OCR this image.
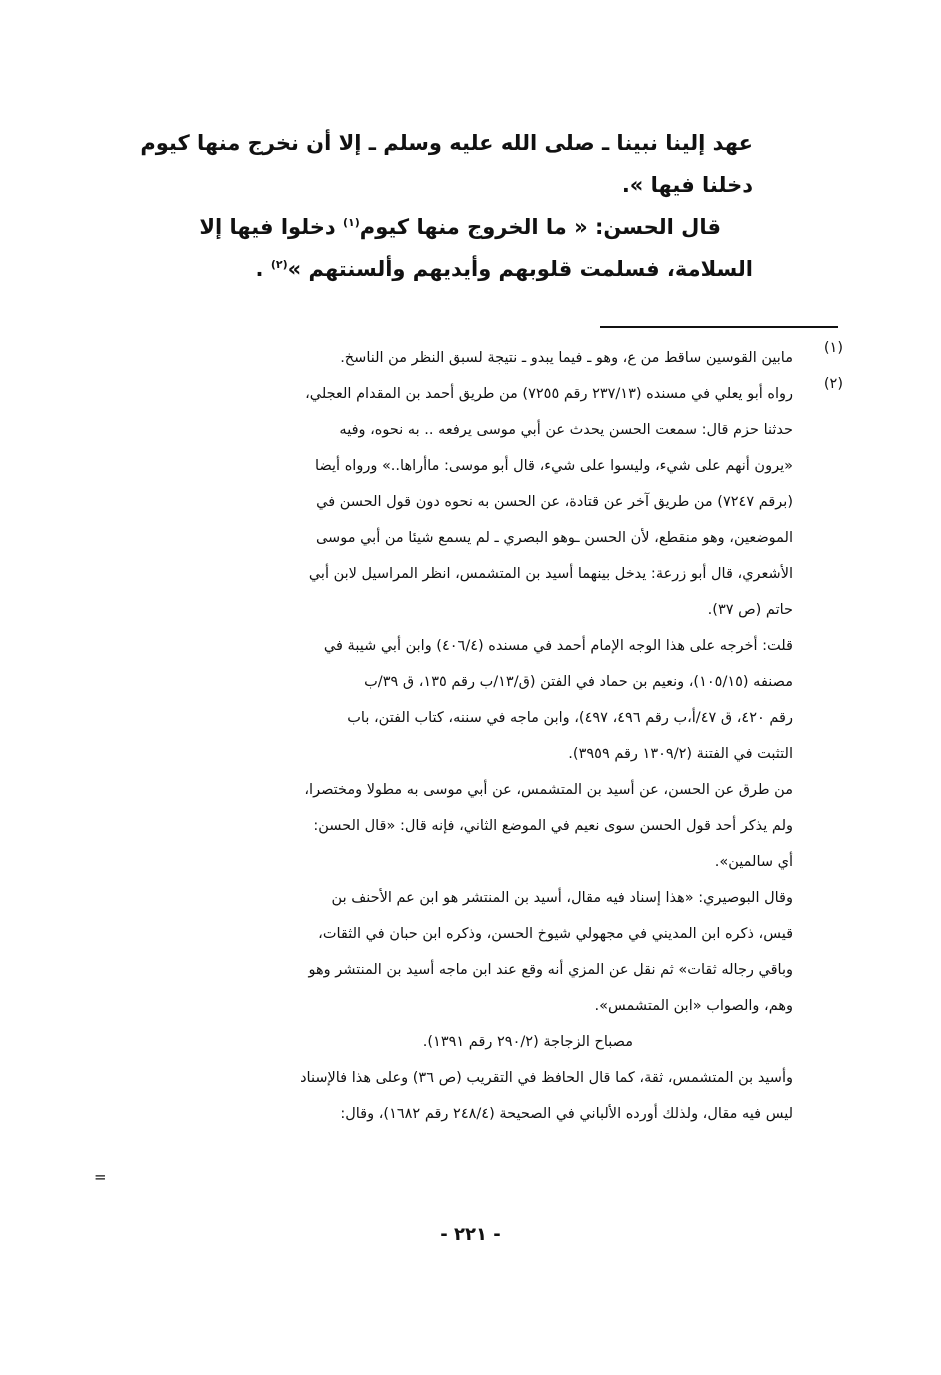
عهد إلينا نبينا ـ صلى الله عليه وسلم ـ إلا أن نخرج منها كيوم
دخلنا فيها ».
قال الحسن: « ما الخروج منها كيوم$^{(١)}$ دخلوا فيها إلا
السلامة، فسلمت قلوبهم وأيديهم وألسنتهم »$^{(٢)}$ .
(١)
مابين القوسين ساقط من ع، وهو ـ فيما يبدو ـ نتيجة لسبق النظر من الناسخ.
(٢)
رواه أبو يعلي في مسنده (٢٣٧/١٣ رقم ٧٢٥٥) من طريق أحمد بن المقدام العجلي،
حدثنا حزم قال: سمعت الحسن يحدث عن أبي موسى يرفعه .. به نحوه، وفيه
«يرون أنهم على شيء، وليسوا على شيء، قال أبو موسى: ماأراها..» ورواه أيضا
(برقم ٧٢٤٧) من طريق آخر عن قتادة، عن الحسن به نحوه دون قول الحسن في
الموضعين، وهو منقطع، لأن الحسن ـوهو البصري ـ لم يسمع شيئا من أبي موسى
الأشعري، قال أبو زرعة: يدخل بينهما أسيد بن المتشمس، انظر المراسيل لابن أبي
حاتم (ص ٣٧).
قلت: أخرجه على هذا الوجه الإمام أحمد في مسنده (٤٠٦/٤) وابن أبي شيبة في
مصنفه (١٠٥/١٥)، ونعيم بن حماد في الفتن (ق/١٣/ب رقم ١٣٥، ق ٣٩/ب
رقم ٤٢٠، ق ٤٧/أ،ب رقم ٤٩٦، ٤٩٧)، وابن ماجه في سننه، كتاب الفتن، باب
التثبت في الفتنة (١٣٠٩/٢ رقم ٣٩٥٩).
من طرق عن الحسن، عن أسيد بن المتشمس، عن أبي موسى به مطولا ومختصرا،
ولم يذكر أحد قول الحسن سوى نعيم في الموضع الثاني، فإنه قال: «قال الحسن:
أي سالمين».
وقال البوصيري: «هذا إسناد فيه مقال، أسيد بن المنتشر هو ابن عم الأحنف بن
قيس، ذكره ابن المديني في مجهولي شيوخ الحسن، وذكره ابن حبان في الثقات،
وباقي رجاله ثقات» ثم نقل عن المزي أنه وقع عند ابن ماجه أسيد بن المنتشر وهو
وهم، والصواب «ابن المتشمس».
مصباح الزجاجة (٢٩٠/٢ رقم ١٣٩١).
وأسيد بن المتشمس، ثقة، كما قال الحافظ في التقريب (ص ٣٦) وعلى هذا فالإسناد
ليس فيه مقال، ولذلك أورده الألباني في الصحيحة (٢٤٨/٤ رقم ١٦٨٢)، وقال:
=
- ٢٢١ -
